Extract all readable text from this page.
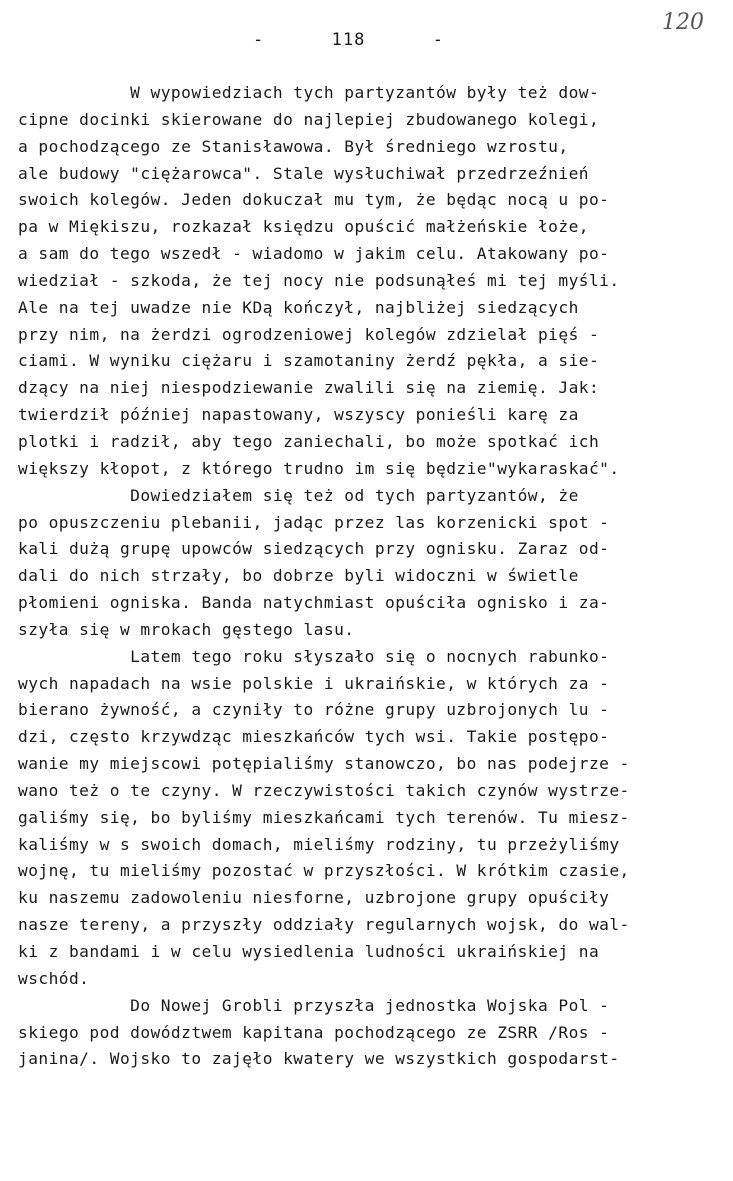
-      118      -
120
W wypowiedziach tych partyzantów były też dow-
cipne docinki skierowane do najlepiej zbudowanego kolegi,
a pochodzącego ze Stanisławowa. Był średniego wzrostu,
ale budowy "ciężarowca". Stale wysłuchiwał przedrzeźnień
swoich kolegów. Jeden dokuczał mu tym, że będąc nocą u po-
pa w Miękiszu, rozkazał księdzu opuścić małżeńskie łoże,
a sam do tego wszedł - wiadomo w jakim celu. Atakowany po-
wiedział - szkoda, że tej nocy nie podsunąłeś mi tej myśli.
Ale na tej uwadze nie KDą kończył, najbliżej siedzących
przy nim, na żerdzi ogrodzeniowej kolegów zdzielał pięś -
ciami. W wyniku ciężaru i szamotaniny żerdź pękła, a sie-
dzący na niej niespodziewanie zwalili się na ziemię. Jak:
twierdził później napastowany, wszyscy ponieśli karę za
plotki i radził, aby tego zaniechali, bo może spotkać ich
większy kłopot, z którego trudno im się będzie"wykaraskać".
Dowiedziałem się też od tych partyzantów, że
po opuszczeniu plebanii, jadąc przez las korzenicki spot -
kali dużą grupę upowców siedzących przy ognisku. Zaraz od-
dali do nich strzały, bo dobrze byli widoczni w świetle
płomieni ogniska. Banda natychmiast opuściła ognisko i za-
szyła się w mrokach gęstego lasu.
Latem tego roku słyszało się o nocnych rabunko-
wych napadach na wsie polskie i ukraińskie, w których za -
bierano żywność, a czyniły to różne grupy uzbrojonych lu -
dzi, często krzywdząc mieszkańców tych wsi. Takie postępo-
wanie my miejscowi potępialiśmy stanowczo, bo nas podejrze -
wano też o te czyny. W rzeczywistości takich czynów wystrze-
galiśmy się, bo byliśmy mieszkańcami tych terenów. Tu miesz-
kaliśmy w s swoich domach, mieliśmy rodziny, tu przeżyliśmy
wojnę, tu mieliśmy pozostać w przyszłości. W krótkim czasie,
ku naszemu zadowoleniu niesforne, uzbrojone grupy opuściły
nasze tereny, a przyszły oddziały regularnych wojsk, do wal-
ki z bandami i w celu wysiedlenia ludności ukraińskiej na
wschód.
Do Nowej Grobli przyszła jednostka Wojska Pol -
skiego pod dowództwem kapitana pochodzącego ze ZSRR /Ros -
janina/. Wojsko to zajęło kwatery we wszystkich gospodarst-
